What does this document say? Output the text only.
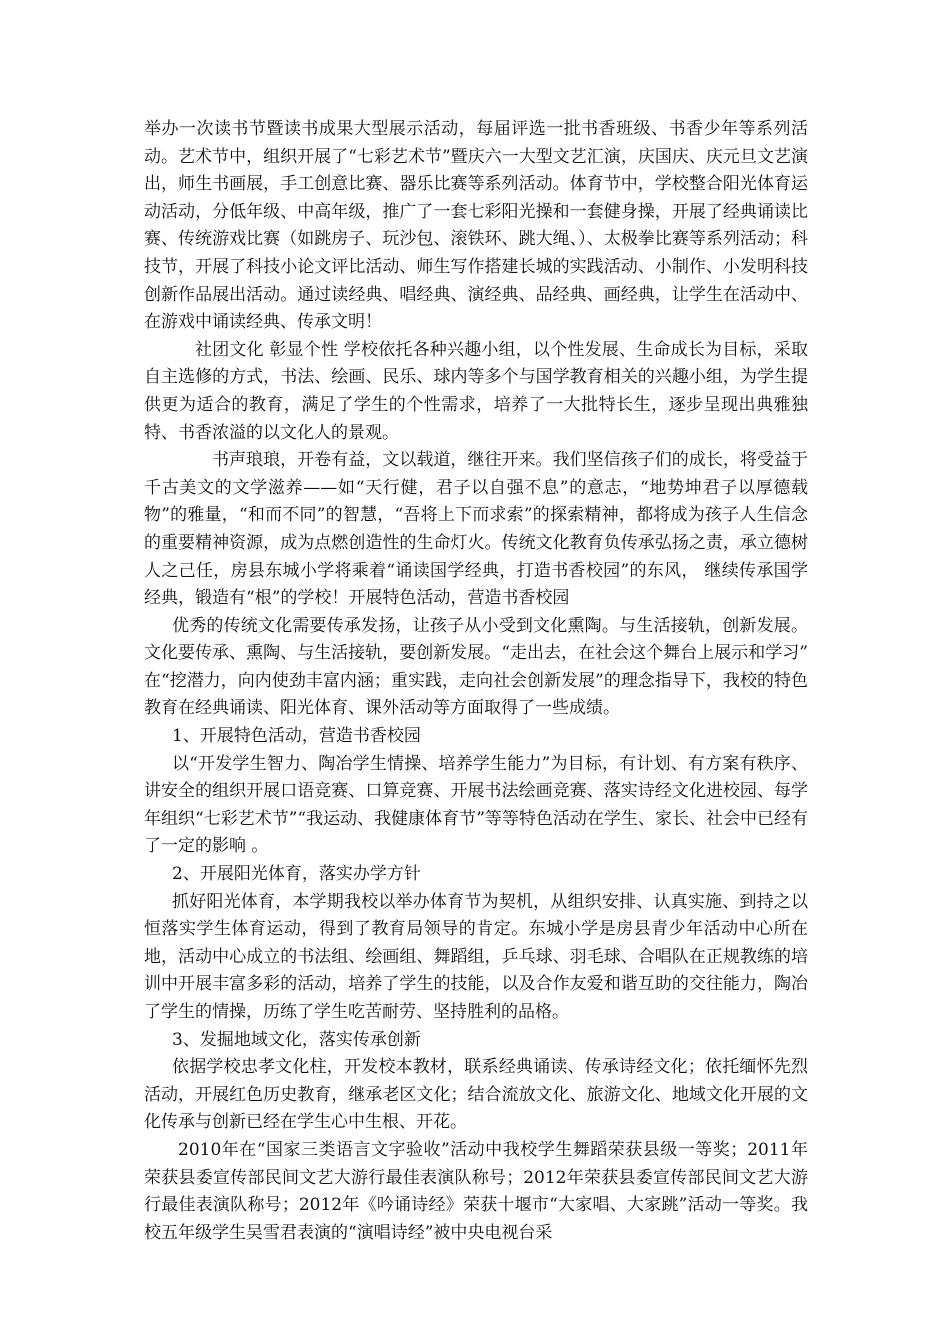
举办一次读书节暨读书成果大型展示活动，每届评选一批书香班级、书香少年等系列活动。艺术节中，组织开展了“七彩艺术节”暨庆六一大型文艺汇演，庆国庆、庆元旦文艺演出，师生书画展，手工创意比赛、器乐比赛等系列活动。体育节中，学校整合阳光体育运动活动，分低年级、中高年级，推广了一套七彩阳光操和一套健身操，开展了经典诵读比赛、传统游戏比赛（如跳房子、玩沙包、滚铁环、跳大绳、）、太极拳比赛等系列活动；科技节，开展了科技小论文评比活动、师生写作搭建长城的实践活动、小制作、小发明科技创新作品展出活动。通过读经典、唱经典、演经典、品经典、画经典，让学生在活动中、在游戏中诵读经典、传承文明！

社团文化 彰显个性 学校依托各种兴趣小组，以个性发展、生命成长为目标，采取自主选修的方式，书法、绘画、民乐、球内等多个与国学教育相关的兴趣小组，为学生提供更为适合的教育，满足了学生的个性需求，培养了一大批特长生，逐步呈现出典雅独特、书香浓溢的以文化人的景观。

书声琅琅，开卷有益，文以载道，继往开来。我们坚信孩子们的成长，将受益于千古美文的文学滋养——如“天行健，君子以自强不息”的意志，“地势坤君子以厚德载物”的雅量，“和而不同”的智慧，“吾将上下而求索”的探索精神，都将成为孩子人生信念的重要精神资源，成为点燃创造性的生命灯火。传统文化教育负传承弘扬之责，承立德树人之己任，房县东城小学将乘着“诵读国学经典，打造书香校园”的东风， 继续传承国学经典，锻造有“根”的学校！开展特色活动，营造书香校园

优秀的传统文化需要传承发扬，让孩子从小受到文化熏陶。与生活接轨，创新发展。文化要传承、熏陶、与生活接轨，要创新发展。“走出去，在社会这个舞台上展示和学习” 在“挖潜力，向内使劲丰富内涵；重实践，走向社会创新发展”的理念指导下，我校的特色教育在经典诵读、阳光体育、课外活动等方面取得了一些成绩。

1、开展特色活动，营造书香校园

以“开发学生智力、陶冶学生情操、培养学生能力”为目标，有计划、有方案有秩序、讲安全的组织开展口语竞赛、口算竞赛、开展书法绘画竞赛、落实诗经文化进校园、每学年组织“七彩艺术节”“我运动、我健康体育节”等等特色活动在学生、家长、社会中已经有了一定的影响 。

2、开展阳光体育，落实办学方针

抓好阳光体育，本学期我校以举办体育节为契机，从组织安排、认真实施、到持之以恒落实学生体育运动，得到了教育局领导的肯定。东城小学是房县青少年活动中心所在地，活动中心成立的书法组、绘画组、舞蹈组，乒乓球、羽毛球、合唱队在正规教练的培训中开展丰富多彩的活动，培养了学生的技能，以及合作友爱和谐互助的交往能力，陶冶了学生的情操，历练了学生吃苦耐劳、坚持胜利的品格。

3、发掘地域文化，落实传承创新

依据学校忠孝文化柱，开发校本教材，联系经典诵读、传承诗经文化；依托缅怀先烈活动，开展红色历史教育，继承老区文化；结合流放文化、旅游文化、地域文化开展的文化传承与创新已经在学生心中生根、开花。

2010年在“国家三类语言文字验收”活动中我校学生舞蹈荣获县级一等奖；2011年荣获县委宣传部民间文艺大游行最佳表演队称号；2012年荣获县委宣传部民间文艺大游行最佳表演队称号；2012年《吟诵诗经》荣获十堰市“大家唱、大家跳”活动一等奖。我校五年级学生吴雪君表演的“演唱诗经”被中央电视台采
